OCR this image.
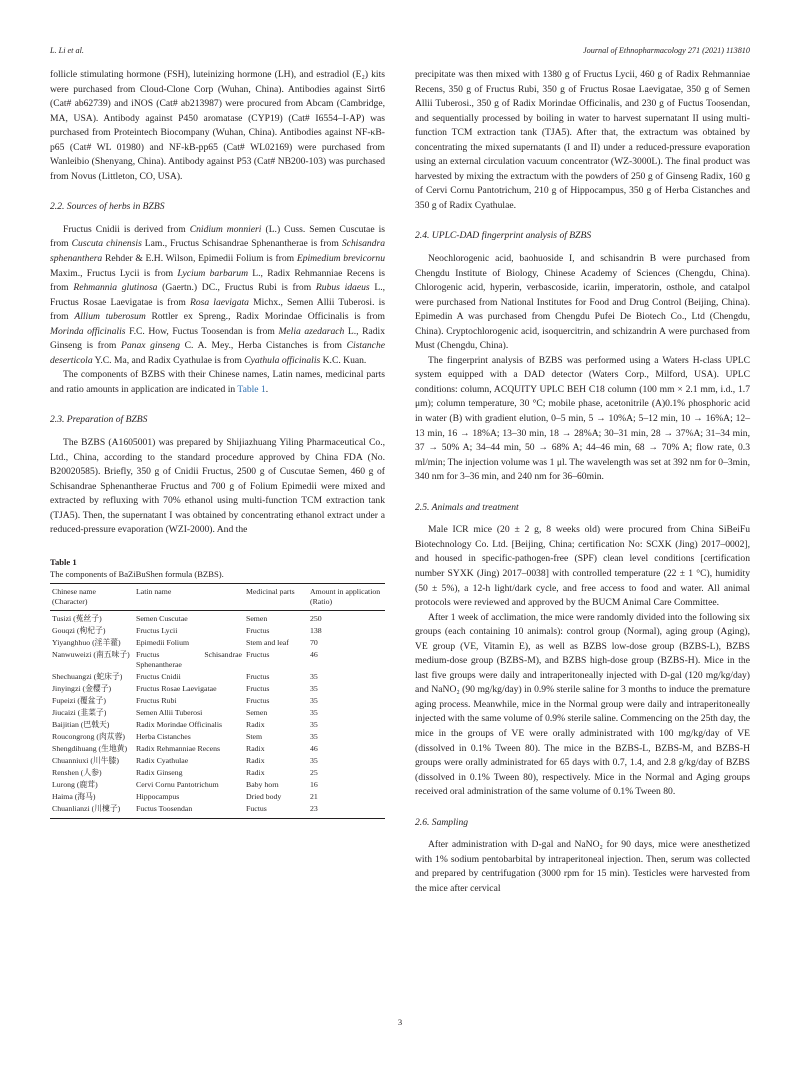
L. Li et al.	Journal of Ethnopharmacology 271 (2021) 113810

follicle stimulating hormone (FSH), luteinizing hormone (LH), and estradiol (E₂) kits were purchased from Cloud-Clone Corp (Wuhan, China). Antibodies against Sirt6 (Cat# ab62739) and iNOS (Cat# ab213987) were procured from Abcam (Cambridge, MA, USA). Antibody against P450 aromatase (CYP19) (Cat# I6554–I-AP) was purchased from Proteintech Biocompany (Wuhan, China). Antibodies against NF-κB-p65 (Cat# WL 01980) and NF-kB-pp65 (Cat# WL02169) were purchased from Wanleibio (Shenyang, China). Antibody against P53 (Cat# NB200-103) was purchased from Novus (Littleton, CO, USA).

2.2. Sources of herbs in BZBS

Fructus Cnidii is derived from Cnidium monnieri (L.) Cuss. Semen Cuscutae is from Cuscuta chinensis Lam., Fructus Schisandrae Sphenantherae is from Schisandra sphenanthera Rehder & E.H. Wilson, Epimedii Folium is from Epimedium brevicornu Maxim., Fructus Lycii is from Lycium barbarum L., Radix Rehmanniae Recens is from Rehmannia glutinosa (Gaertn.) DC., Fructus Rubi is from Rubus idaeus L., Fructus Rosae Laevigatae is from Rosa laevigata Michx., Semen Allii Tuberosi. is from Allium tuberosum Rottler ex Spreng., Radix Morindae Officinalis is from Morinda officinalis F.C. How, Fuctus Toosendan is from Melia azedarach L., Radix Ginseng is from Panax ginseng C. A. Mey., Herba Cistanches is from Cistanche deserticola Y.C. Ma, and Radix Cyathulae is from Cyathula officinalis K.C. Kuan.

The components of BZBS with their Chinese names, Latin names, medicinal parts and ratio amounts in application are indicated in Table 1.

2.3. Preparation of BZBS

The BZBS (A1605001) was prepared by Shijiazhuang Yiling Pharmaceutical Co., Ltd., China, according to the standard procedure approved by China FDA (No. B20020585). Briefly, 350 g of Cnidii Fructus, 2500 g of Cuscutae Semen, 460 g of Schisandrae Sphenantherae Fructus and 700 g of Folium Epimedii were mixed and extracted by refluxing with 70% ethanol using multi-function TCM extraction tank (TJA5). Then, the supernatant I was obtained by concentrating ethanol extract under a reduced-pressure evaporation (WZI-2000). And the

Table 1
The components of BaZiBuShen formula (BZBS).
Chinese name (Character)	Latin name	Medicinal parts	Amount in application (Ratio)
Tusizi (菟丝子)	Semen Cuscutae	Semen	250
Gouqzi (枸杞子)	Fructus Lycii	Fructus	138
Yiyanghhuo (淫羊藿)	Epimedii Folium	Stem and leaf	70
Nanwuweizi (南五味子)	Fructus Schisandrae Sphenantherae	Fructus	46
Shechuangzi (蛇床子)	Fructus Cnidii	Fructus	35
Jinyingzi (金樱子)	Fructus Rosae Laevigatae	Fructus	35
Fupeizi (覆盆子)	Fructus Rubi	Fructus	35
Jiucaizi (韭菜子)	Semen Allii Tuberosi	Semen	35
Baijitian (巴戟天)	Radix Morindae Officinalis	Radix	35
Roucongrong (肉苁蓉)	Herba Cistanches	Stem	35
Shengdihuang (生地黄)	Radix Rehmanniae Recens	Radix	46
Chuanniuxi (川牛膝)	Radix Cyathulae	Radix	35
Renshen (人参)	Radix Ginseng	Radix	25
Lurong (鹿茸)	Cervi Cornu Pantotrichum	Baby horn	16
Haima (海马)	Hippocampus	Dried body	21
Chuanlianzi (川楝子)	Fuctus Toosendan	Fuctus	23

precipitate was then mixed with 1380 g of Fructus Lycii, 460 g of Radix Rehmanniae Recens, 350 g of Fructus Rubi, 350 g of Fructus Rosae Laevigatae, 350 g of Semen Allii Tuberosi., 350 g of Radix Morindae Officinalis, and 230 g of Fuctus Toosendan, and sequentially processed by boiling in water to harvest supernatant II using multi-function TCM extraction tank (TJA5). After that, the extractum was obtained by concentrating the mixed supernatants (I and II) under a reduced-pressure evaporation using an external circulation vacuum concentrator (WZ-3000L). The final product was harvested by mixing the extractum with the powders of 250 g of Ginseng Radix, 160 g of Cervi Cornu Pantotrichum, 210 g of Hippocampus, 350 g of Herba Cistanches and 350 g of Radix Cyathulae.

2.4. UPLC-DAD fingerprint analysis of BZBS

Neochlorogenic acid, baohuoside I, and schisandrin B were purchased from Chengdu Institute of Biology, Chinese Academy of Sciences (Chengdu, China). Chlorogenic acid, hyperin, verbascoside, icariin, imperatorin, osthole, and catalpol were purchased from National Institutes for Food and Drug Control (Beijing, China). Epimedin A was purchased from Chengdu Pufei De Biotech Co., Ltd (Chengdu, China). Cryptochlorogenic acid, isoquercitrin, and schizandrin A were purchased from Must (Chengdu, China).

The fingerprint analysis of BZBS was performed using a Waters H-class UPLC system equipped with a DAD detector (Waters Corp., Milford, USA). UPLC conditions: column, ACQUITY UPLC BEH C18 column (100 mm × 2.1 mm, i.d., 1.7 μm); column temperature, 30 °C; mobile phase, acetonitrile (A)0.1% phosphoric acid in water (B) with gradient elution, 0–5 min, 5 → 10%A; 5–12 min, 10 → 16%A; 12–13 min, 16 → 18%A; 13–30 min, 18 → 28%A; 30–31 min, 28 → 37%A; 31–34 min, 37 → 50% A; 34–44 min, 50 → 68% A; 44–46 min, 68 → 70% A; flow rate, 0.3 ml/min; The injection volume was 1 μl. The wavelength was set at 392 nm for 0–3min, 340 nm for 3–36 min, and 240 nm for 36–60min.

2.5. Animals and treatment

Male ICR mice (20 ± 2 g, 8 weeks old) were procured from China SiBeiFu Biotechnology Co. Ltd. [Beijing, China; certification No: SCXK (Jing) 2017–0002], and housed in specific-pathogen-free (SPF) clean level conditions [certification number SYXK (Jing) 2017–0038] with controlled temperature (22 ± 1 °C), humidity (50 ± 5%), a 12-h light/dark cycle, and free access to food and water. All animal protocols were reviewed and approved by the BUCM Animal Care Committee.

After 1 week of acclimation, the mice were randomly divided into the following six groups (each containing 10 animals): control group (Normal), aging group (Aging), VE group (VE, Vitamin E), as well as BZBS low-dose group (BZBS-L), BZBS medium-dose group (BZBS-M), and BZBS high-dose group (BZBS-H). Mice in the last five groups were daily and intraperitoneally injected with D-gal (120 mg/kg/day) and NaNO₂ (90 mg/kg/day) in 0.9% sterile saline for 3 months to induce the premature aging process. Meanwhile, mice in the Normal group were daily and intraperitoneally injected with the same volume of 0.9% sterile saline. Commencing on the 25th day, the mice in the groups of VE were orally administrated with 100 mg/kg/day of VE (dissolved in 0.1% Tween 80). The mice in the BZBS-L, BZBS-M, and BZBS-H groups were orally administrated for 65 days with 0.7, 1.4, and 2.8 g/kg/day of BZBS (dissolved in 0.1% Tween 80), respectively. Mice in the Normal and Aging groups received oral administration of the same volume of 0.1% Tween 80.

2.6. Sampling

After administration with D-gal and NaNO₂ for 90 days, mice were anesthetized with 1% sodium pentobarbital by intraperitoneal injection. Then, serum was collected and prepared by centrifugation (3000 rpm for 15 min). Testicles were harvested from the mice after cervical

3
